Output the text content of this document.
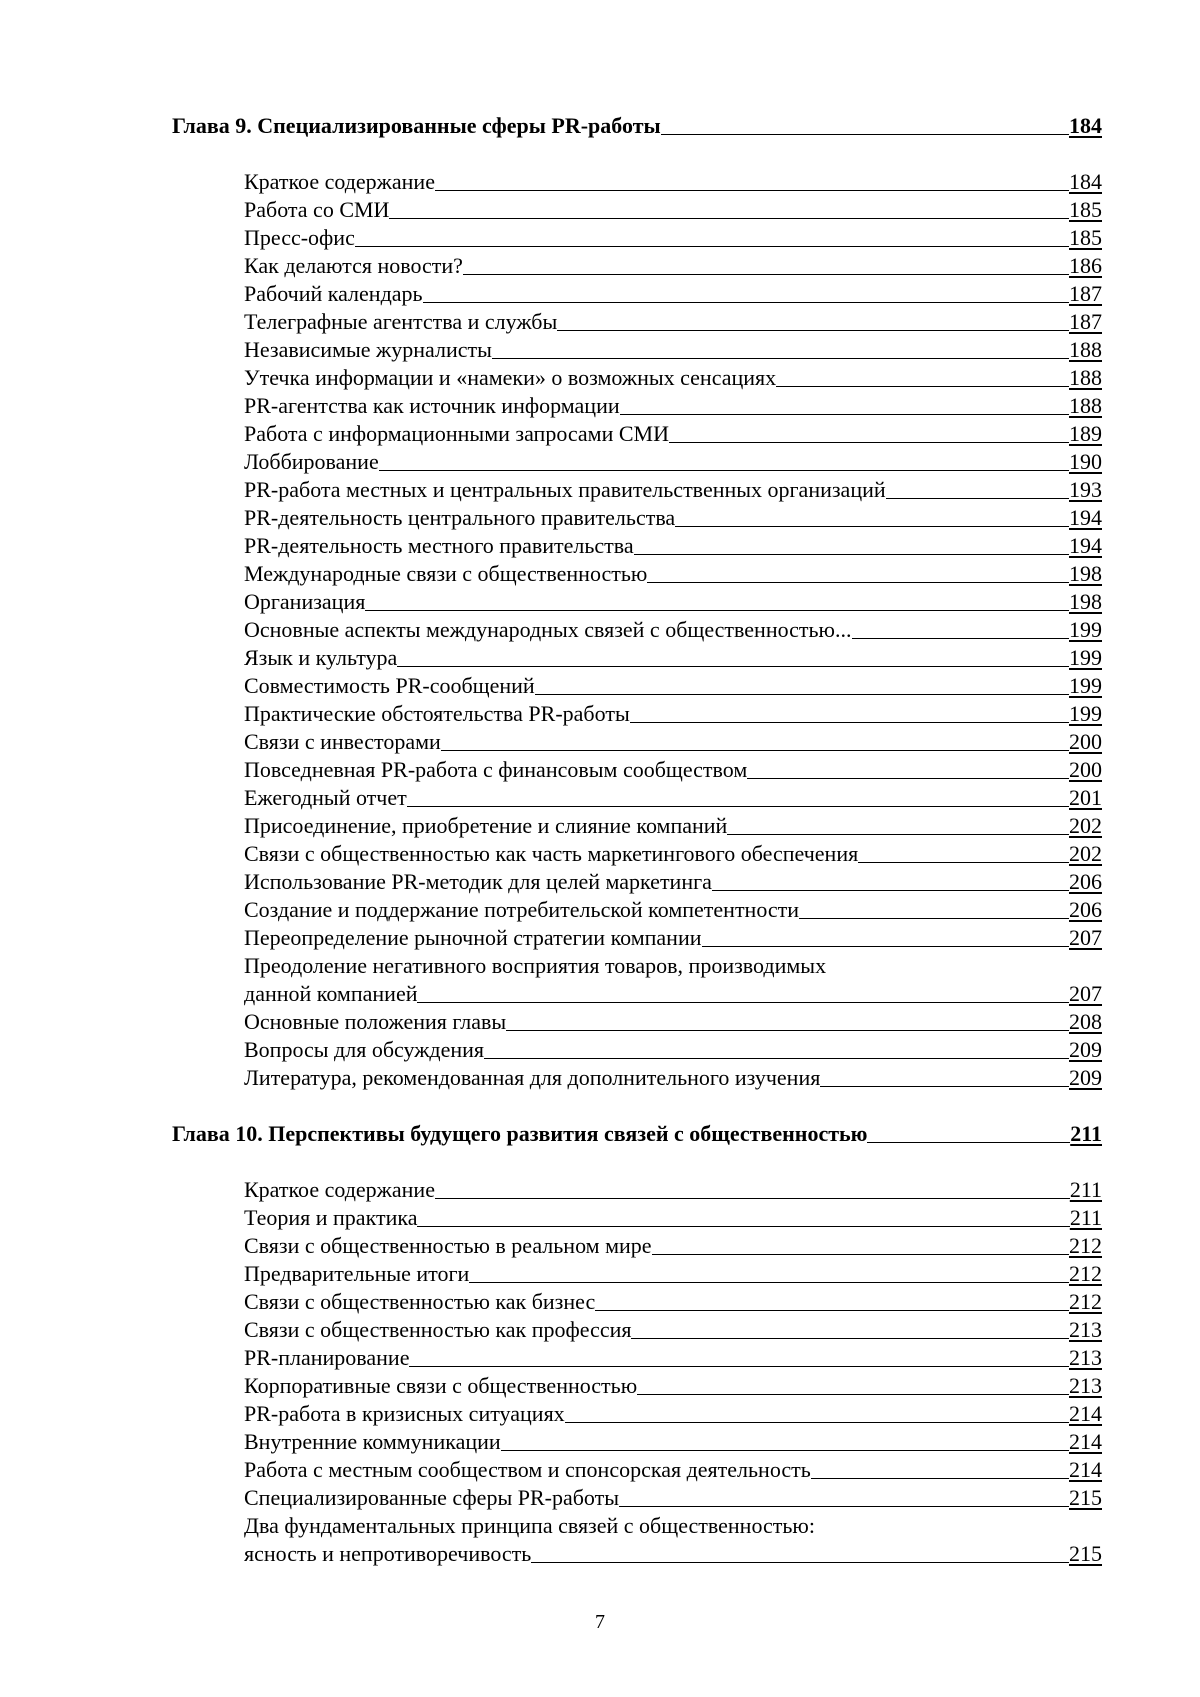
Глава 9. Специализированные сферы PR-работы	184
Краткое содержание	184
Работа со СМИ	185
Пресс-офис	185
Как делаются новости?	186
Рабочий календарь	187
Телеграфные агентства и службы	187
Независимые журналисты	188
Утечка информации и «намеки» о возможных сенсациях	188
PR-агентства как источник информации	188
Работа с информационными запросами СМИ	189
Лоббирование	190
PR-работа местных и центральных правительственных организаций	193
PR-деятельность центрального правительства	194
PR-деятельность местного правительства	194
Международные связи с общественностью	198
Организация	198
Основные аспекты международных связей с общественностью...	199
Язык и культура	199
Совместимость PR-сообщений	199
Практические обстоятельства PR-работы	199
Связи с инвесторами	200
Повседневная PR-работа с финансовым сообществом	200
Ежегодный отчет	201
Присоединение, приобретение и слияние компаний	202
Связи с общественностью как часть маркетингового обеспечения	202
Использование PR-методик для целей маркетинга	206
Создание и поддержание потребительской компетентности	206
Переопределение рыночной стратегии компании	207
Преодоление негативного восприятия товаров, производимых
данной компанией	207
Основные положения главы	208
Вопросы для обсуждения	209
Литература, рекомендованная для дополнительного изучения	209
Глава 10. Перспективы будущего развития связей с общественностью	211
Краткое содержание	211
Теория и практика	211
Связи с общественностью в реальном мире	212
Предварительные итоги	212
Связи с общественностью как бизнес	212
Связи с общественностью как профессия	213
PR-планирование	213
Корпоративные связи с общественностью	213
PR-работа в кризисных ситуациях	214
Внутренние коммуникации	214
Работа с местным сообществом и спонсорская деятельность	214
Специализированные сферы PR-работы	215
Два фундаментальных принципа связей с общественностью:
ясность и непротиворечивость	215
7
